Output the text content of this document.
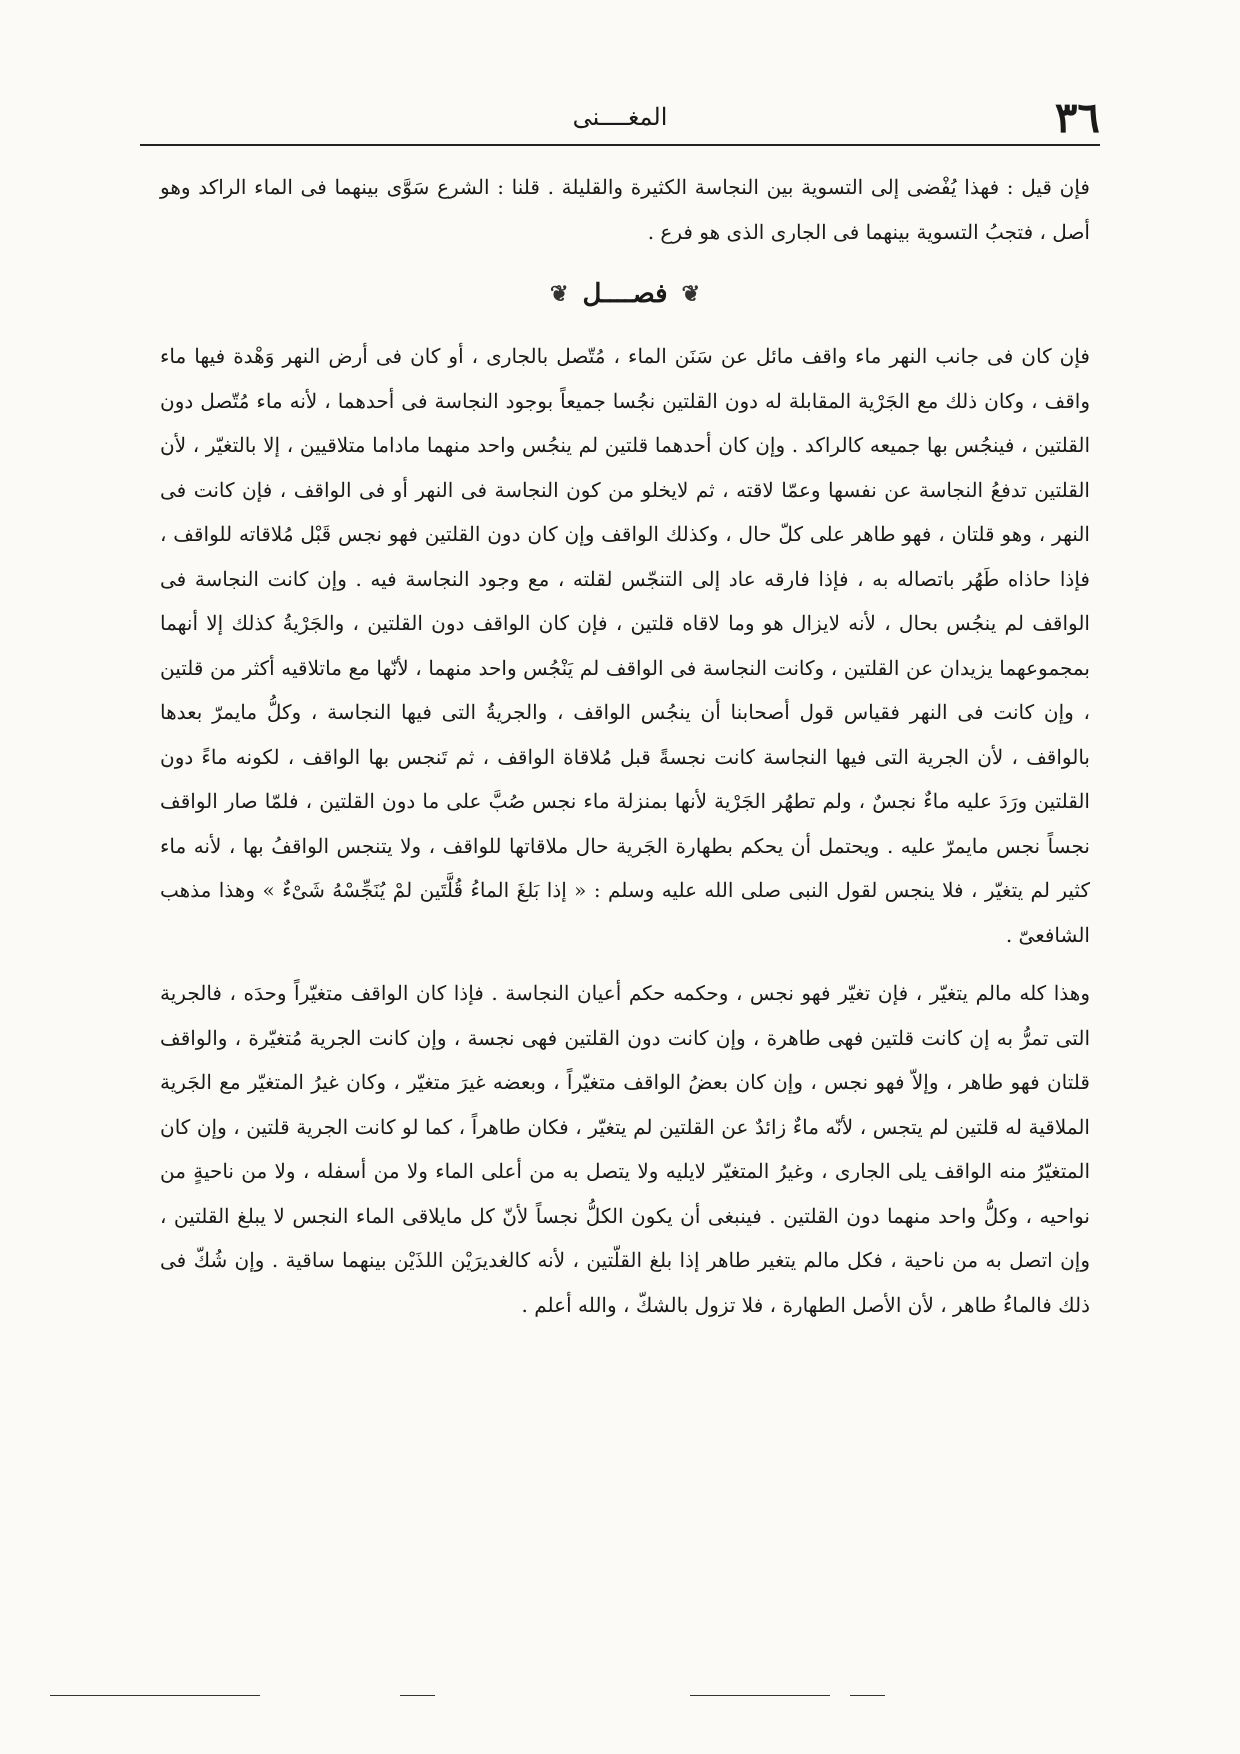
٣٦
المغــــنى

فإن قيل : فهذا يُفْضى إلى التسوية بين النجاسة الكثيرة والقليلة . قلنا : الشرع سَوَّى بينهما فى الماء الراكد وهو أصل ، فتجبُ التسوية بينهما فى الجارى الذى هو فرع .

❦
فصــــل
❦

فإن كان فى جانب النهر ماء واقف مائل عن سَنَن الماء ، مُتّصل بالجارى ، أو كان فى أرض النهر وَهْدة فيها ماء واقف ، وكان ذلك مع الجَرْية المقابلة له دون القلتين نجُسا جميعاً بوجود النجاسة فى أحدهما ، لأنه ماء مُتّصل دون القلتين ، فينجُس بها جميعه كالراكد . وإن كان أحدهما قلتين لم ينجُس واحد منهما ماداما متلاقيين ، إلا بالتغيّر ، لأن القلتين تدفعُ النجاسة عن نفسها وعمّا لاقته ، ثم لايخلو من كون النجاسة فى النهر أو فى الواقف ، فإن كانت فى النهر ، وهو قلتان ، فهو طاهر على كلّ حال ، وكذلك الواقف وإن كان دون القلتين فهو نجس قَبْل مُلاقاته للواقف ، فإذا حاذاه طَهُر باتصاله به ، فإذا فارقه عاد إلى التنجّس لقلته ، مع وجود النجاسة فيه . وإن كانت النجاسة فى الواقف لم ينجُس بحال ، لأنه لايزال هو وما لاقاه قلتين ، فإن كان الواقف دون القلتين ، والجَرْيةُ كذلك إلا أنهما بمجموعهما يزيدان عن القلتين ، وكانت النجاسة فى الواقف لم يَنْجُس واحد منهما ، لأنّها مع ماتلاقيه أكثر من قلتين ، وإن كانت فى النهر فقياس قول أصحابنا أن ينجُس الواقف ، والجريةُ التى فيها النجاسة ، وكلُّ مايمرّ بعدها بالواقف ، لأن الجرية التى فيها النجاسة كانت نجسةً قبل مُلاقاة الواقف ، ثم تَنجس بها الواقف ، لكونه ماءً دون القلتين ورَدَ عليه ماءٌ نجسٌ ، ولم تطهُر الجَرْية لأنها بمنزلة ماء نجس صُبَّ على ما دون القلتين ، فلمّا صار الواقف نجساً نجس مايمرّ عليه . ويحتمل أن يحكم بطهارة الجَرية حال ملاقاتها للواقف ، ولا يتنجس الواقفُ بها ، لأنه ماء كثير لم يتغيّر ، فلا ينجس لقول النبى صلى الله عليه وسلم : « إذا بَلغَ الماءُ قُلَّتَين لمْ يُنَجِّسْهُ شَىْءٌ » وهذا مذهب الشافعىّ .

وهذا كله مالم يتغيّر ، فإن تغيّر فهو نجس ، وحكمه حكم أعيان النجاسة . فإذا كان الواقف متغيّراً وحدَه ، فالجرية التى تمرُّ به إن كانت قلتين فهى طاهرة ، وإن كانت دون القلتين فهى نجسة ، وإن كانت الجرية مُتغيّرة ، والواقف قلتان فهو طاهر ، وإلاّ فهو نجس ، وإن كان بعضُ الواقف متغيّراً ، وبعضه غيرَ متغيّر ، وكان غيرُ المتغيّر مع الجَرية الملاقية له قلتين لم يتجس ، لأنّه ماءٌ زائدٌ عن القلتين لم يتغيّر ، فكان طاهراً ، كما لو كانت الجرية قلتين ، وإن كان المتغيّرُ منه الواقف يلى الجارى ، وغيرُ المتغيّر لايليه ولا يتصل به من أعلى الماء ولا من أسفله ، ولا من ناحيةٍ من نواحيه ، وكلُّ واحد منهما دون القلتين . فينبغى أن يكون الكلُّ نجساً لأنّ كل مايلاقى الماء النجس لا يبلغ القلتين ، وإن اتصل به من ناحية ، فكل مالم يتغير طاهر إذا بلغ القلّتين ، لأنه كالغديرَيْن اللذَيْن بينهما ساقية . وإن شُكّ فى ذلك فالماءُ طاهر ، لأن الأصل الطهارة ، فلا تزول بالشكّ ، والله أعلم .
